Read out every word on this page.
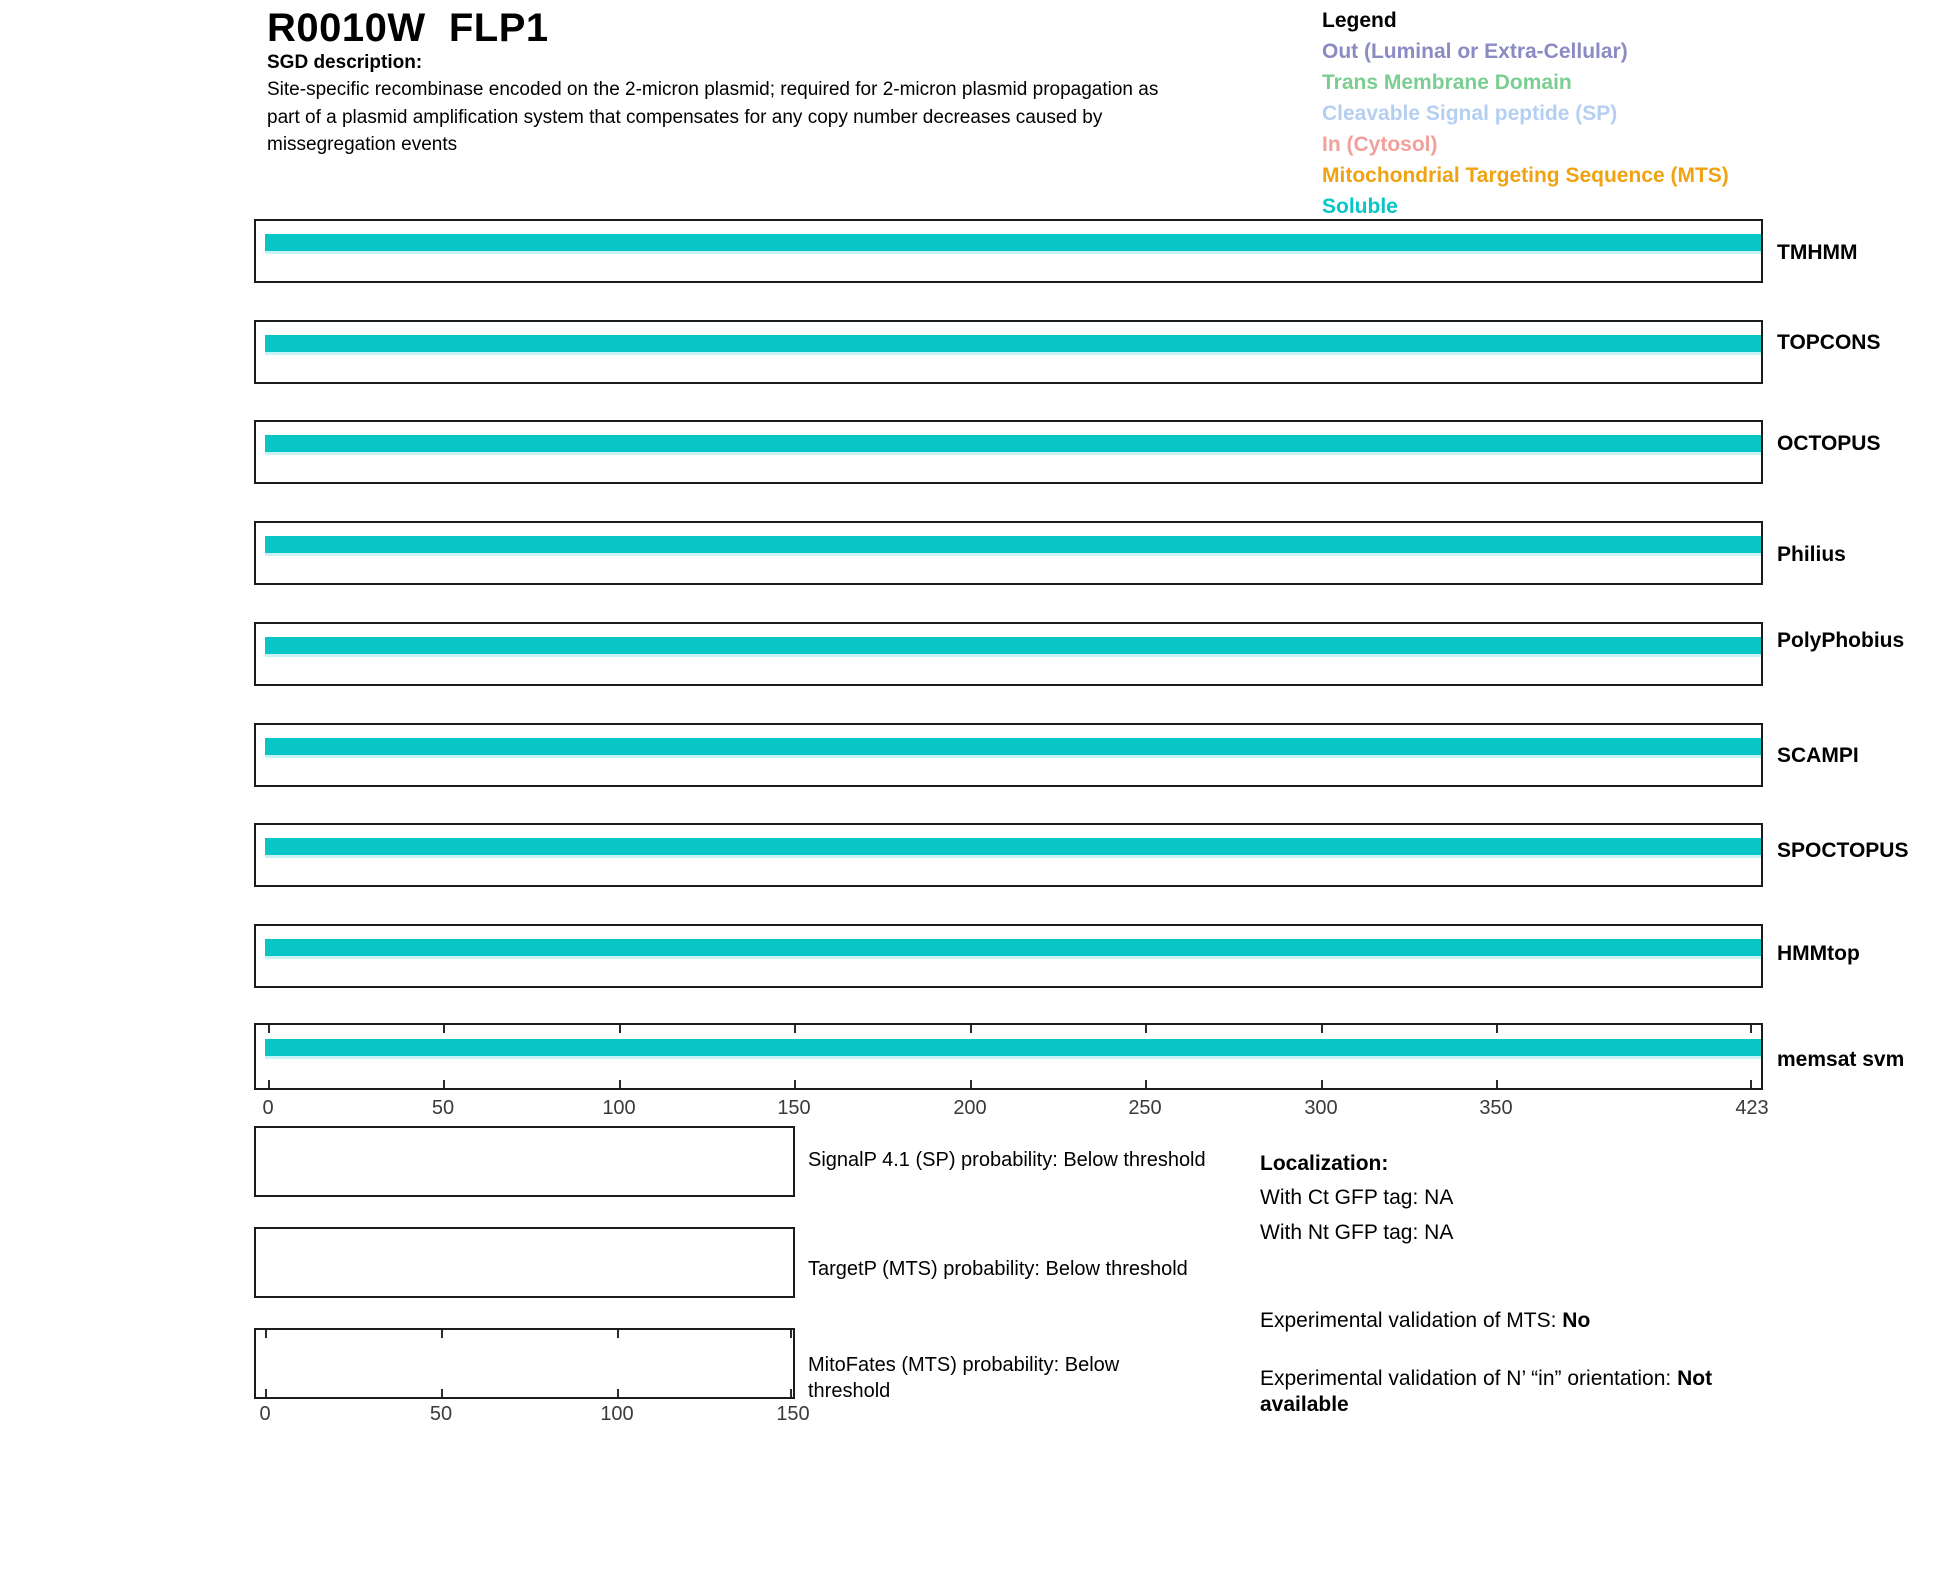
R0010W  FLP1
SGD description:
Site-specific recombinase encoded on the 2-micron plasmid; required for 2-micron plasmid propagation as
part of a plasmid amplification system that compensates for any copy number decreases caused by
missegregation events
Legend
Out (Luminal or Extra-Cellular)
Trans Membrane Domain
Cleavable Signal peptide (SP)
In (Cytosol)
Mitochondrial Targeting Sequence (MTS)
Soluble
TMHMM
TOPCONS
OCTOPUS
Philius
PolyPhobius
SCAMPI
SPOCTOPUS
HMMtop
memsat svm
0	50	100	150	200	250	300	350	423
SignalP 4.1 (SP) probability: Below threshold
TargetP (MTS) probability: Below threshold
MitoFates (MTS) probability: Below threshold
0	50	100	150
Localization:
With Ct GFP tag: NA
With Nt GFP tag: NA
Experimental validation of MTS: No
Experimental validation of N’ “in” orientation: Not available
